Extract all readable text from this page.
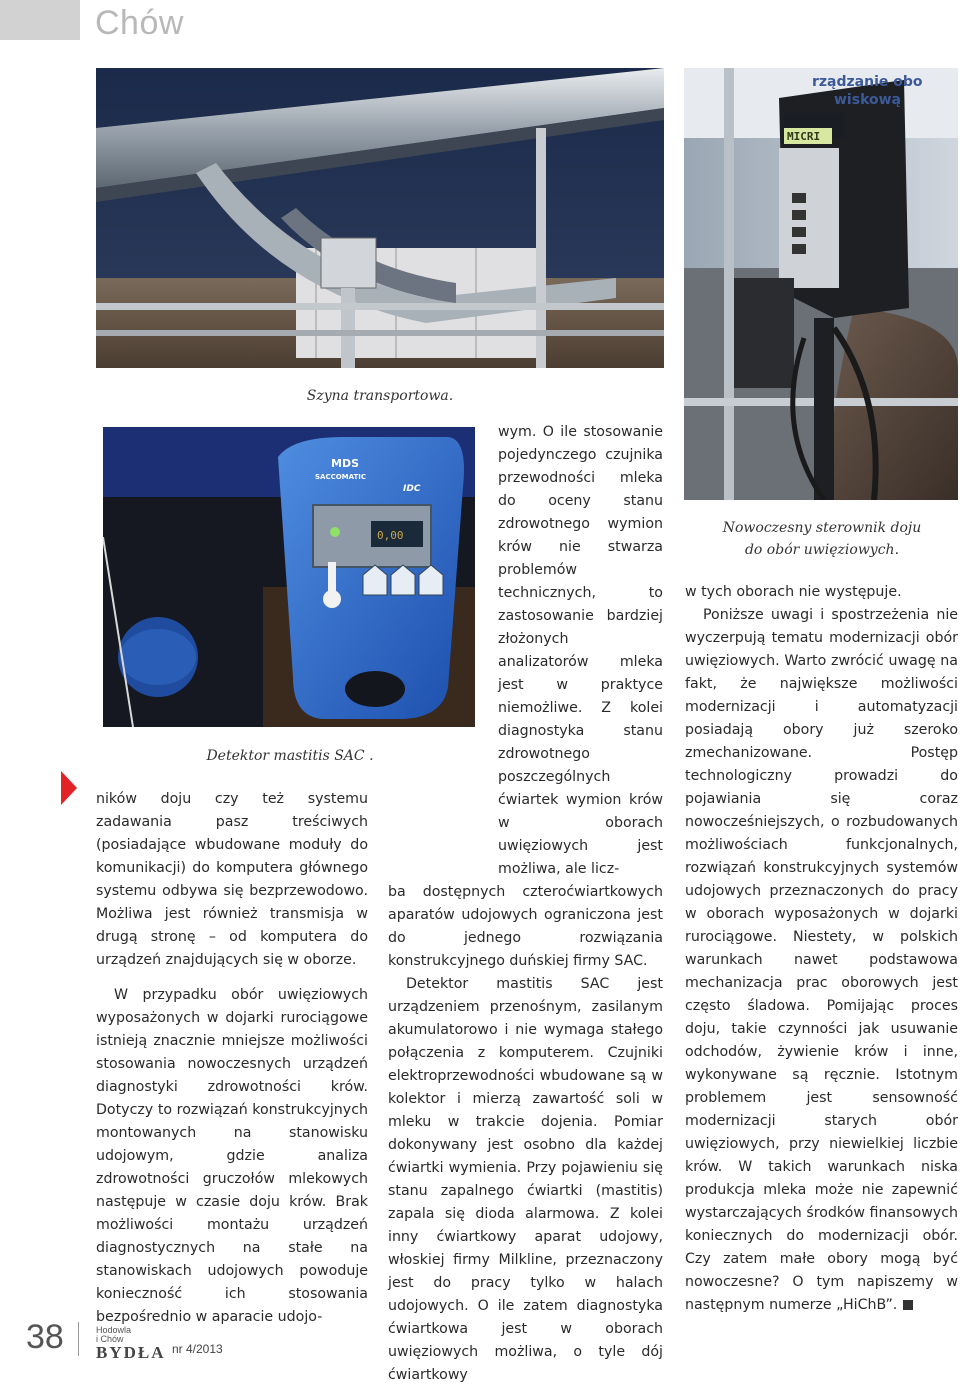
Chów
Szyna transportowa.
MDS
SACCOMATIC
IDC
0,00
Detektor mastitis SAC .
rządzanie obo
wiskową
MICRI
Nowoczesny sterownik doju
do obór uwięziowych.

ników doju czy też systemu zadawania pasz treściwych (posiadające wbudowane moduły do komunikacji) do komputera głównego systemu odbywa się bezprzewodowo. Możliwa jest również transmisja w drugą stronę – od komputera do urządzeń znajdujących się w oborze.

W przypadku obór uwięziowych wyposażonych w dojarki rurociągowe istnieją znacznie mniejsze możliwości stosowania nowoczesnych urządzeń diagnostyki zdrowotności krów. Dotyczy to rozwiązań konstrukcyjnych montowanych na stanowisku udojowym, gdzie analiza zdrowotności gruczołów mlekowych następuje w czasie doju krów. Brak możliwości montażu urządzeń diagnostycznych na stałe na stanowiskach udojowych powoduje konieczność ich stosowania bezpośrednio w aparacie udojo-

wym. O ile stosowanie pojedynczego czujnika przewodności mleka do oceny stanu zdrowotnego wymion krów nie stwarza problemów technicznych, to zastosowanie bardziej złożonych analizatorów mleka jest w praktyce niemożliwe. Z kolei diagnostyka stanu zdrowotnego poszczególnych ćwiartek wymion krów w oborach uwięziowych jest możliwa, ale licz-

ba dostępnych czterоćwiartkowych aparatów udojowych ograniczona jest do jednego rozwiązania konstrukcyjnego duńskiej firmy SAC.

Detektor mastitis SAC jest urządzeniem przenośnym, zasilanym akumulatorowo i nie wymaga stałego połączenia z komputerem. Czujniki elektroprzewodności wbudowane są w kolektor i mierzą zawartość soli w mleku w trakcie dojenia. Pomiar dokonywany jest osobno dla każdej ćwiartki wymienia. Przy pojawieniu się stanu zapalnego ćwiartki (mastitis) zapala się dioda alarmowa. Z kolei inny ćwiartkowy aparat udojowy, włoskiej firmy Milkline, przeznaczony jest do pracy tylko w halach udojowych. O ile zatem diagnostyka ćwiartkowa jest w oborach uwięziowych możliwa, o tyle dój ćwiartkowy

w tych oborach nie występuje.

Poniższe uwagi i spostrzeżenia nie wyczerpują tematu modernizacji obór uwięziowych. Warto zwrócić uwagę na fakt, że największe możliwości modernizacji i automatyzacji posiadają obory już szeroko zmechanizowane. Postęp technologiczny prowadzi do pojawiania się coraz nowocześniejszych, o rozbudowanych możliwościach funkcjonalnych, rozwiązań konstrukcyjnych systemów udojowych przeznaczonych do pracy w oborach wyposażonych w dojarki rurociągowe. Niestety, w polskich warunkach nawet podstawowa mechanizacja prac oborowych jest często śladowa. Pomijając proces doju, takie czynności jak usuwanie odchodów, żywienie krów i inne, wykonywane są ręcznie. Istotnym problemem jest sensowność modernizacji starych obór uwięziowych, przy niewielkiej liczbie krów. W takich warunkach niska produkcja mleka może nie zapewnić wystarczających środków finansowych koniecznych do modernizacji obór. Czy zatem małe obory mogą być nowoczesne? O tym napiszemy w następnym numerze „HiChB”.

38	Hodowla
i Chów
BYDŁA nr 4/2013
